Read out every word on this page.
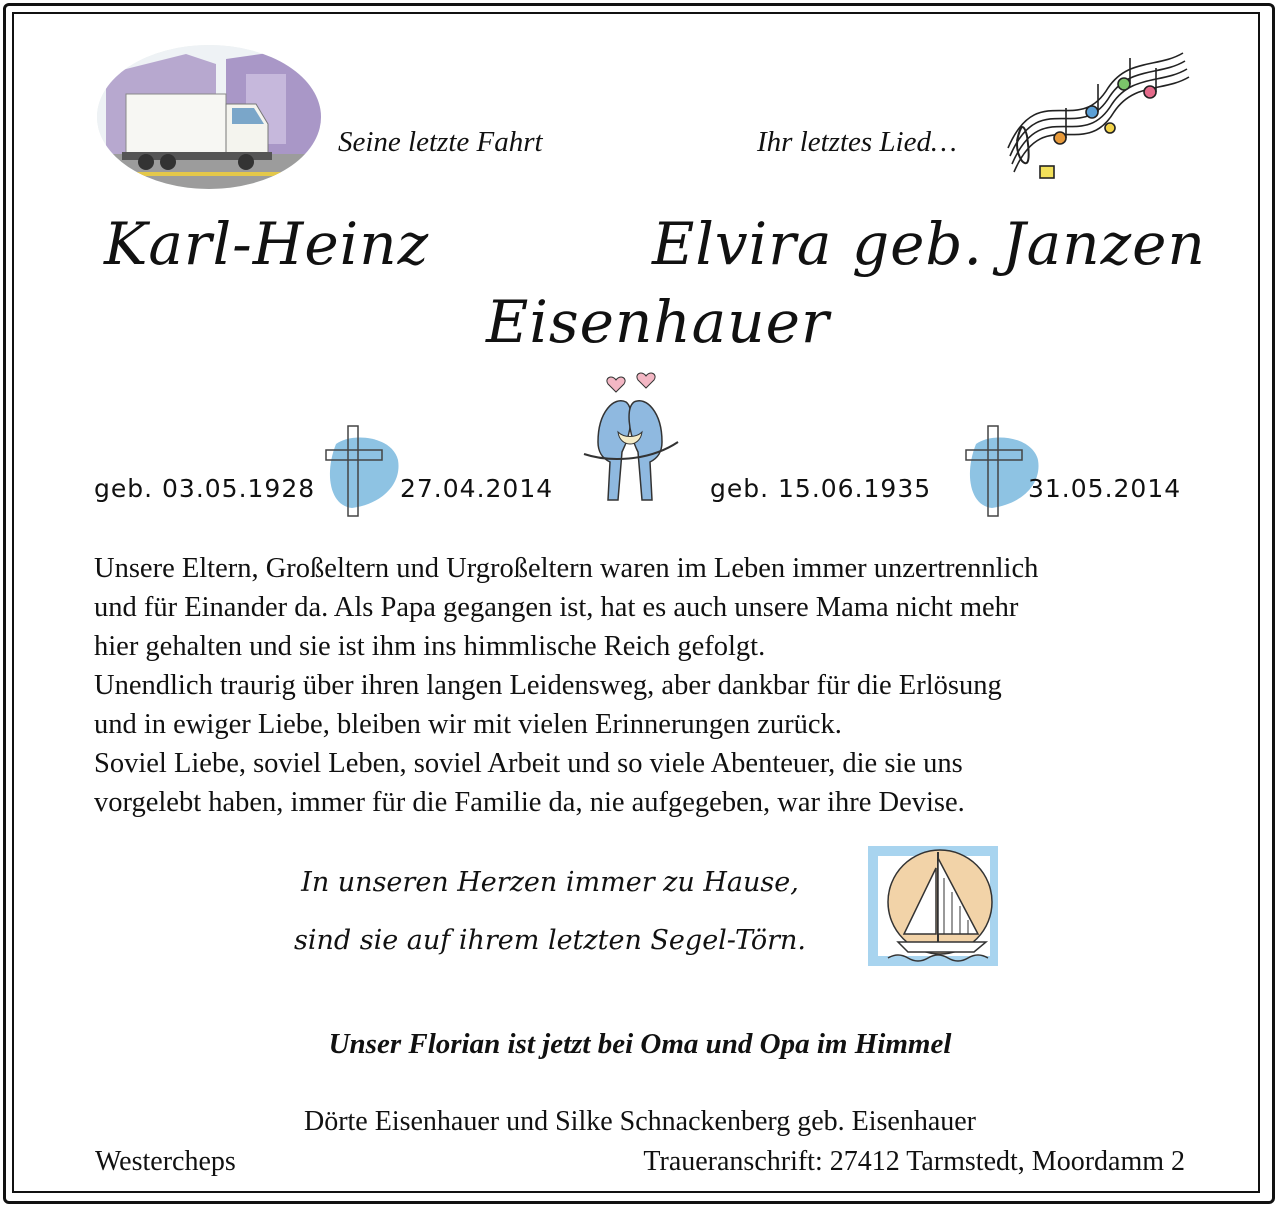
Seine letzte Fahrt	Ihr letztes Lied…
Karl-Heinz	Elvira geb. Janzen
Eisenhauer
geb. 03.05.1928	27.04.2014	geb. 15.06.1935	31.05.2014

Unsere Eltern, Großeltern und Urgroßeltern waren im Leben immer unzertrennlich

und für Einander da. Als Papa gegangen ist, hat es auch unsere Mama nicht mehr

hier gehalten und sie ist ihm ins himmlische Reich gefolgt.

Unendlich traurig über ihren langen Leidensweg, aber dankbar für die Erlösung

und in ewiger Liebe, bleiben wir mit vielen Erinnerungen zurück.

Soviel Liebe, soviel Leben, soviel Arbeit und so viele Abenteuer, die sie uns

vorgelebt haben, immer für die Familie da, nie aufgegeben, war ihre Devise.

In unseren Herzen immer zu Hause,
sind sie auf ihrem letzten Segel-Törn.
Unser Florian ist jetzt bei Oma und Opa im Himmel
Dörte Eisenhauer und Silke Schnackenberg geb. Eisenhauer
Westercheps	Traueranschrift: 27412 Tarmstedt, Moordamm 2
